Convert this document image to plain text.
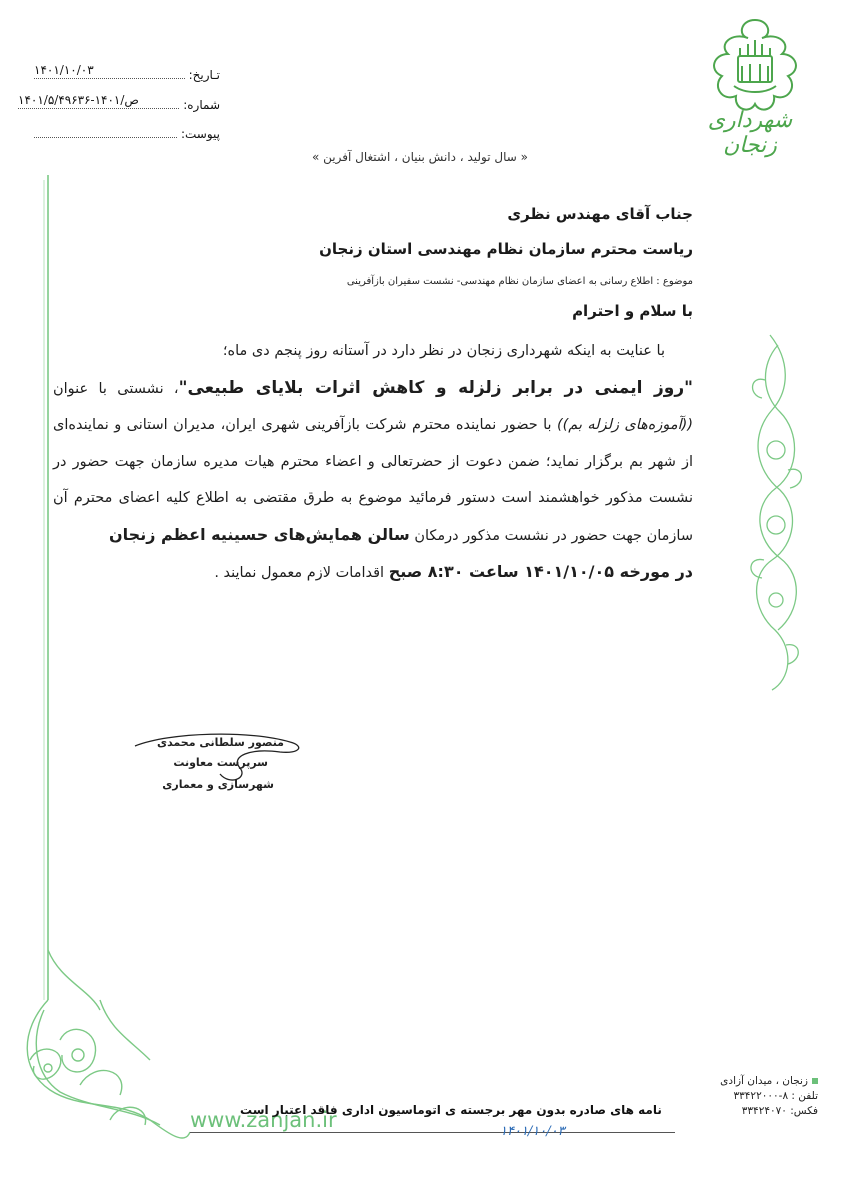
شهرداری زنجان
تـاریخ:
۱۴۰۱/۱۰/۰۳
شماره:
۱۴۰۱/۵/۴۹۶۳۶-۱۴۰۱/ص
پیوست:
« سال تولید ، دانش بنیان ، اشتغال آفرین »
جناب آقای مهندس نظری
ریاست محترم سازمان نظام مهندسی استان زنجان
موضوع : اطلاع رسانی به اعضای سازمان نظام مهندسی- نشست سفیران بازآفرینی
با سلام و احترام
با عنایت به اینکه شهرداری زنجان در نظر دارد در آستانه روز پنجم دی ماه؛
"روز ایمنی در برابر زلزله و کاهش اثرات بلایای طبیعی"، نشستی با عنوان ((آموزه‌های زلزله بم)) با حضور نماینده محترم شرکت بازآفرینی شهری ایران، مدیران استانی و نماینده‌ای از شهر بم برگزار نماید؛ ضمن دعوت از حضرتعالی و اعضاء محترم هیات مدیره سازمان جهت حضور در نشست مذکور خواهشمند است دستور فرمائید موضوع به طرق مقتضی به اطلاع کلیه اعضای محترم آن سازمان جهت حضور در نشست مذکور درمکان سالن همایش‌های حسینیه اعظم زنجان
در مورخه ۱۴۰۱/۱۰/۰۵ ساعت ۸:۳۰ صبح اقدامات لازم معمول نمایند .
منصور سلطانی محمدی
سرپرست معاونت
شهرسازی و معماری
www.zanjan.ir
نامه های صادره بدون مهر برجسته ی اتوماسیون اداری فاقد اعتبار است
۱۴۰۱/۱۰/۰۳
زنجان ، میدان آزادی
تلفن : ۸-۳۳۴۲۲۰۰۰
فکس: ۳۳۴۲۴۰۷۰
